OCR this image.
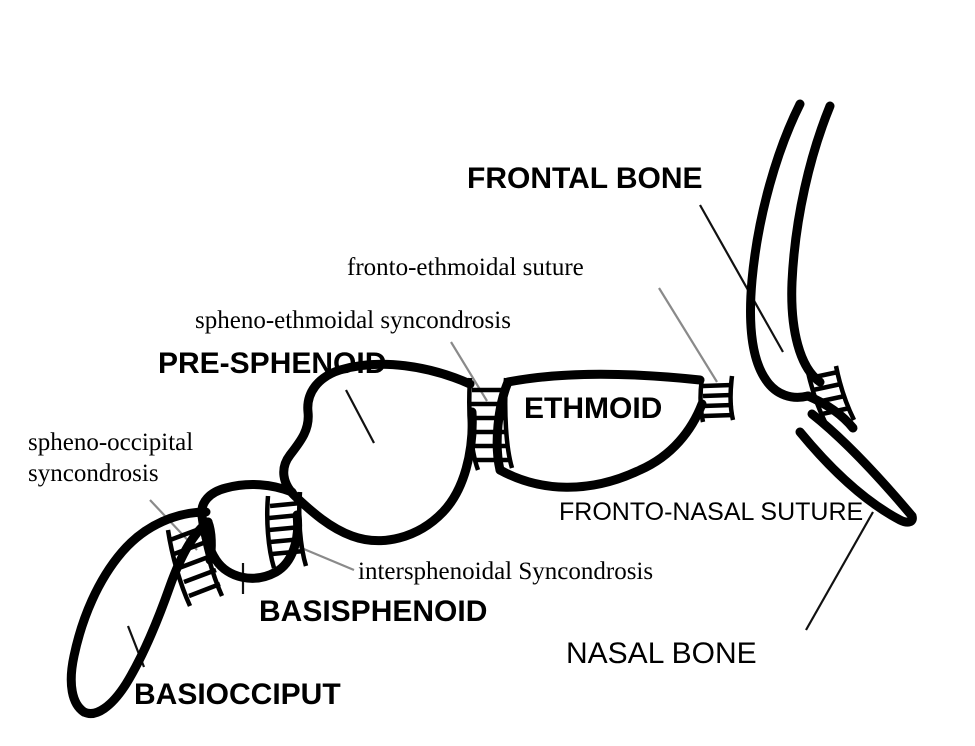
FRONTAL BONE
fronto-ethmoidal suture
spheno-ethmoidal syncondrosis
PRE-SPHENOID
ETHMOID
spheno-occipital syncondrosis
FRONTO-NASAL SUTURE
intersphenoidal Syncondrosis
BASISPHENOID
NASAL BONE
BASIOCCIPUT
